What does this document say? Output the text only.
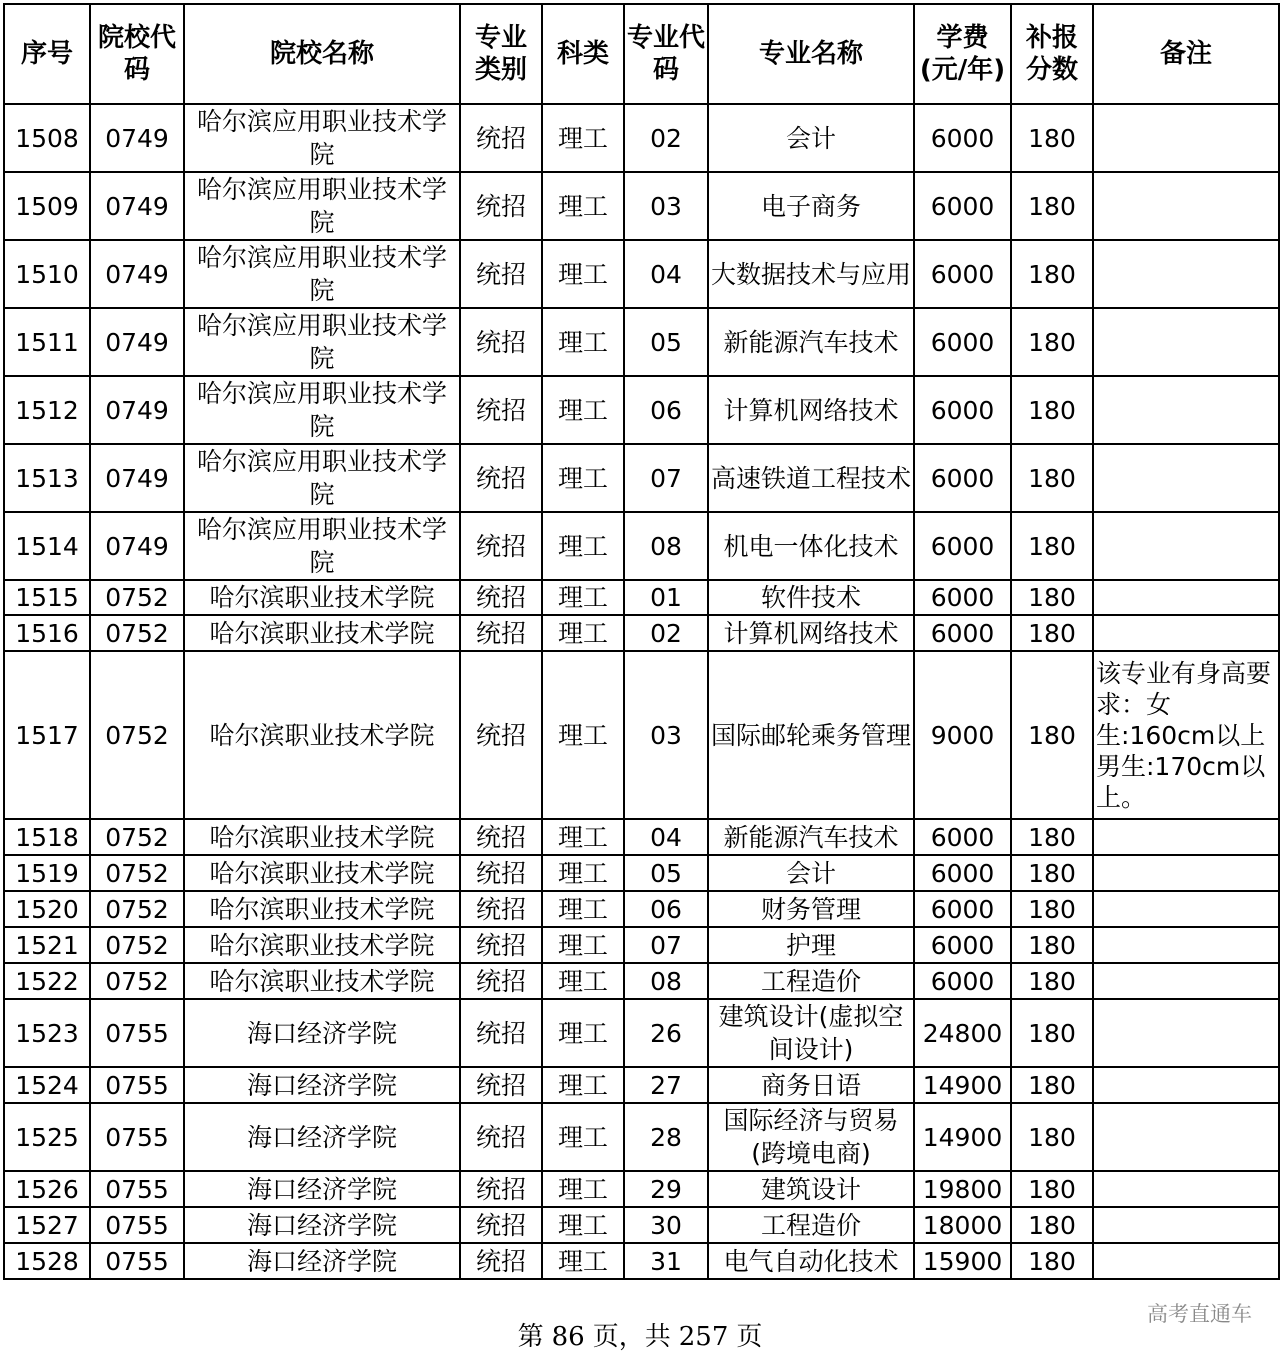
序号	院校代码	院校名称	专业类别	科类	专业代码	专业名称	学费(元/年)	补报分数	备注
1508	0749	哈尔滨应用职业技术学院	统招	理工	02	会计	6000	180	
1509	0749	哈尔滨应用职业技术学院	统招	理工	03	电子商务	6000	180	
1510	0749	哈尔滨应用职业技术学院	统招	理工	04	大数据技术与应用	6000	180	
1511	0749	哈尔滨应用职业技术学院	统招	理工	05	新能源汽车技术	6000	180	
1512	0749	哈尔滨应用职业技术学院	统招	理工	06	计算机网络技术	6000	180	
1513	0749	哈尔滨应用职业技术学院	统招	理工	07	高速铁道工程技术	6000	180	
1514	0749	哈尔滨应用职业技术学院	统招	理工	08	机电一体化技术	6000	180	
1515	0752	哈尔滨职业技术学院	统招	理工	01	软件技术	6000	180	
1516	0752	哈尔滨职业技术学院	统招	理工	02	计算机网络技术	6000	180	
1517	0752	哈尔滨职业技术学院	统招	理工	03	国际邮轮乘务管理	9000	180	该专业有身高要求：女生:160cm以上男生:170cm以上。
1518	0752	哈尔滨职业技术学院	统招	理工	04	新能源汽车技术	6000	180	
1519	0752	哈尔滨职业技术学院	统招	理工	05	会计	6000	180	
1520	0752	哈尔滨职业技术学院	统招	理工	06	财务管理	6000	180	
1521	0752	哈尔滨职业技术学院	统招	理工	07	护理	6000	180	
1522	0752	哈尔滨职业技术学院	统招	理工	08	工程造价	6000	180	
1523	0755	海口经济学院	统招	理工	26	建筑设计(虚拟空间设计)	24800	180	
1524	0755	海口经济学院	统招	理工	27	商务日语	14900	180	
1525	0755	海口经济学院	统招	理工	28	国际经济与贸易(跨境电商)	14900	180	
1526	0755	海口经济学院	统招	理工	29	建筑设计	19800	180	
1527	0755	海口经济学院	统招	理工	30	工程造价	18000	180	
1528	0755	海口经济学院	统招	理工	31	电气自动化技术	15900	180	
第 86 页，共 257 页
高考直通车
